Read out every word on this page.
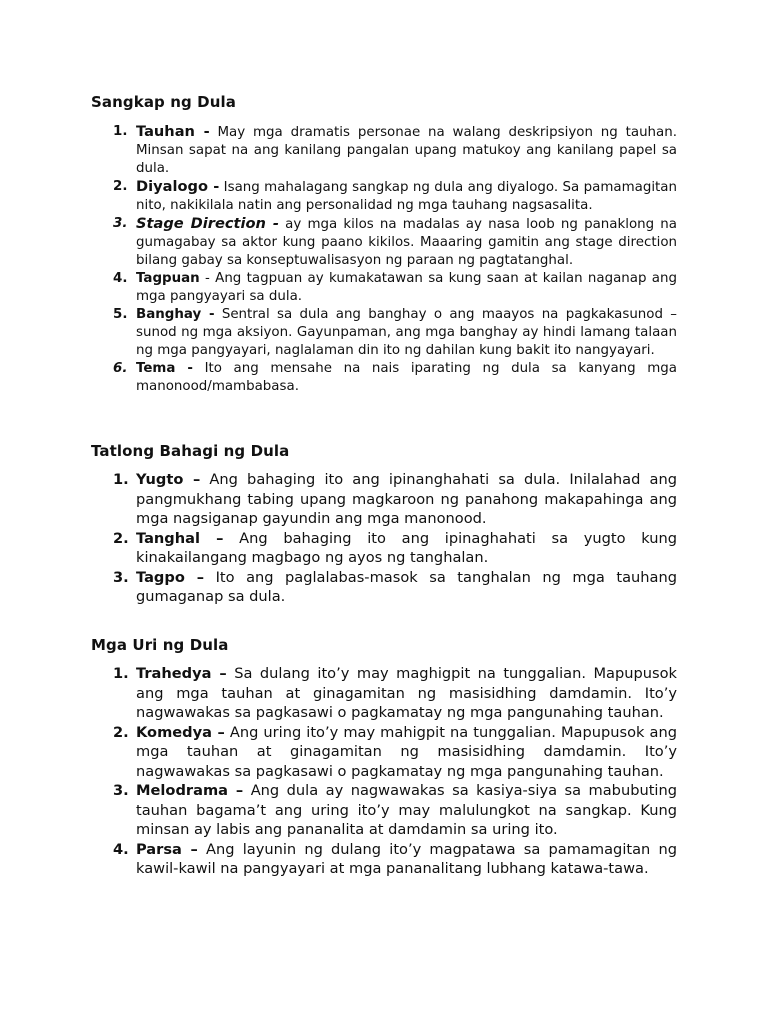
Sangkap ng Dula
1. Tauhan - May mga dramatis personae na walang deskripsiyon ng tauhan. Minsan sapat na ang kanilang pangalan upang matukoy ang kanilang papel sa dula.
2. Diyalogo - Isang mahalagang sangkap ng dula ang diyalogo. Sa pamamagitan nito, nakikilala natin ang personalidad ng mga tauhang nagsasalita.
3. Stage Direction - ay mga kilos na madalas ay nasa loob ng panaklong na gumagabay sa aktor kung paano kikilos. Maaaring gamitin ang stage direction bilang gabay sa konseptuwalisasyon ng paraan ng pagtatanghal.
4. Tagpuan - Ang tagpuan ay kumakatawan sa kung saan at kailan naganap ang mga pangyayari sa dula.
5. Banghay - Sentral sa dula ang banghay o ang maayos na pagkakasunod – sunod ng mga aksiyon. Gayunpaman, ang mga banghay ay hindi lamang talaan ng mga pangyayari, naglalaman din ito ng dahilan kung bakit ito nangyayari.
6. Tema - Ito ang mensahe na nais iparating ng dula sa kanyang mga manonood/mambabasa.
Tatlong Bahagi ng Dula
1. Yugto – Ang bahaging ito ang ipinanghahati sa dula. Inilalahad ang pangmukhang tabing upang magkaroon ng panahong makapahinga ang mga nagsiganap gayundin ang mga manonood.
2. Tanghal – Ang bahaging ito ang ipinaghahati sa yugto kung kinakailangang magbago ng ayos ng tanghalan.
3. Tagpo – Ito ang paglalabas-masok sa tanghalan ng mga tauhang gumaganap sa dula.
Mga Uri ng Dula
1. Trahedya – Sa dulang ito’y may maghigpit na tunggalian. Mapupusok ang mga tauhan at ginagamitan ng masisidhing damdamin. Ito’y nagwawakas sa pagkasawi o pagkamatay ng mga pangunahing tauhan.
2. Komedya – Ang uring ito’y may mahigpit na tunggalian. Mapupusok ang mga tauhan at ginagamitan ng masisidhing damdamin. Ito’y nagwawakas sa pagkasawi o pagkamatay ng mga pangunahing tauhan.
3. Melodrama – Ang dula ay nagwawakas sa kasiya-siya sa mabubuting tauhan bagama’t ang uring ito’y may malulungkot na sangkap. Kung minsan ay labis ang pananalita at damdamin sa uring ito.
4. Parsa – Ang layunin ng dulang ito’y magpatawa sa pamamagitan ng kawil-kawil na pangyayari at mga pananalitang lubhang katawa-tawa.
